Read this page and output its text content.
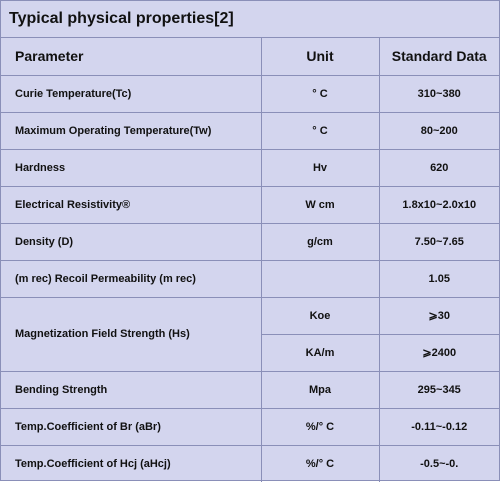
Typical physical properties[2]
Parameter	Unit	Standard Data
Curie Temperature(Tc)	° C	310~380
Maximum Operating Temperature(Tw)	° C	80~200
Hardness	Hv	620
Electrical Resistivity®	W cm	1.8x10~2.0x10
Density (D)	g/cm	7.50~7.65
(m rec) Recoil Permeability (m rec)		1.05
Magnetization Field Strength (Hs)	Koe	⩾30
	KA/m	⩾2400
Bending Strength	Mpa	295~345
Temp.Coefficient of Br (aBr)	%/° C	-0.11~-0.12
Temp.Coefficient of Hcj (aHcj)	%/° C	-0.5~-0.
